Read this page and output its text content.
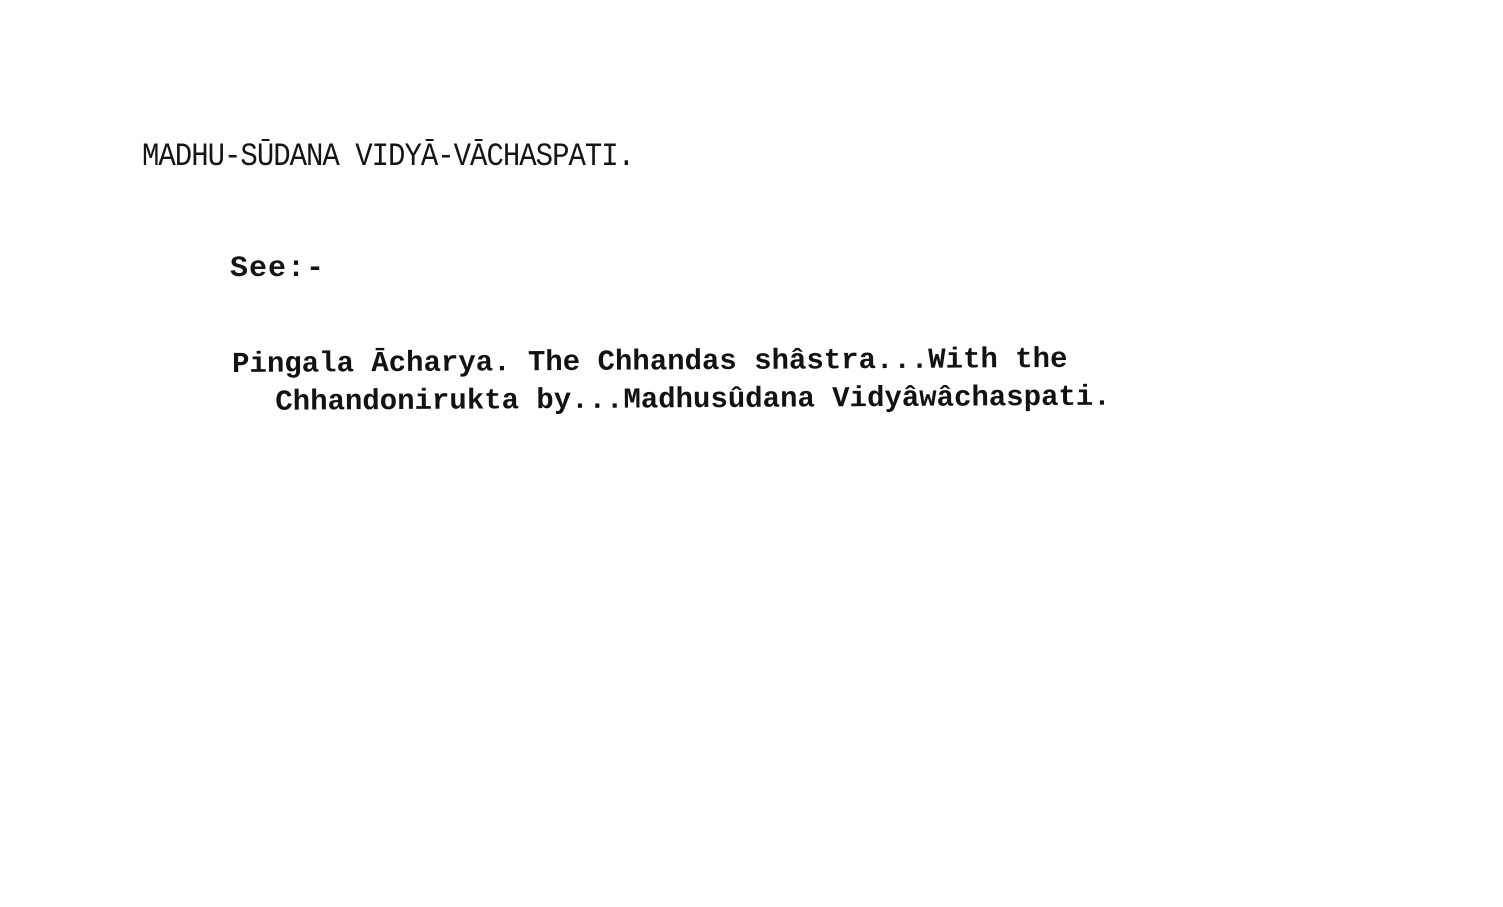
MADHU-SŪDANA VIDYĀ-VĀCHASPATI.
See:-
Pingala Ācharya. The Chhandas shâstra...With the
Chhandonirukta by...Madhusûdana Vidyâwâchaspati.
